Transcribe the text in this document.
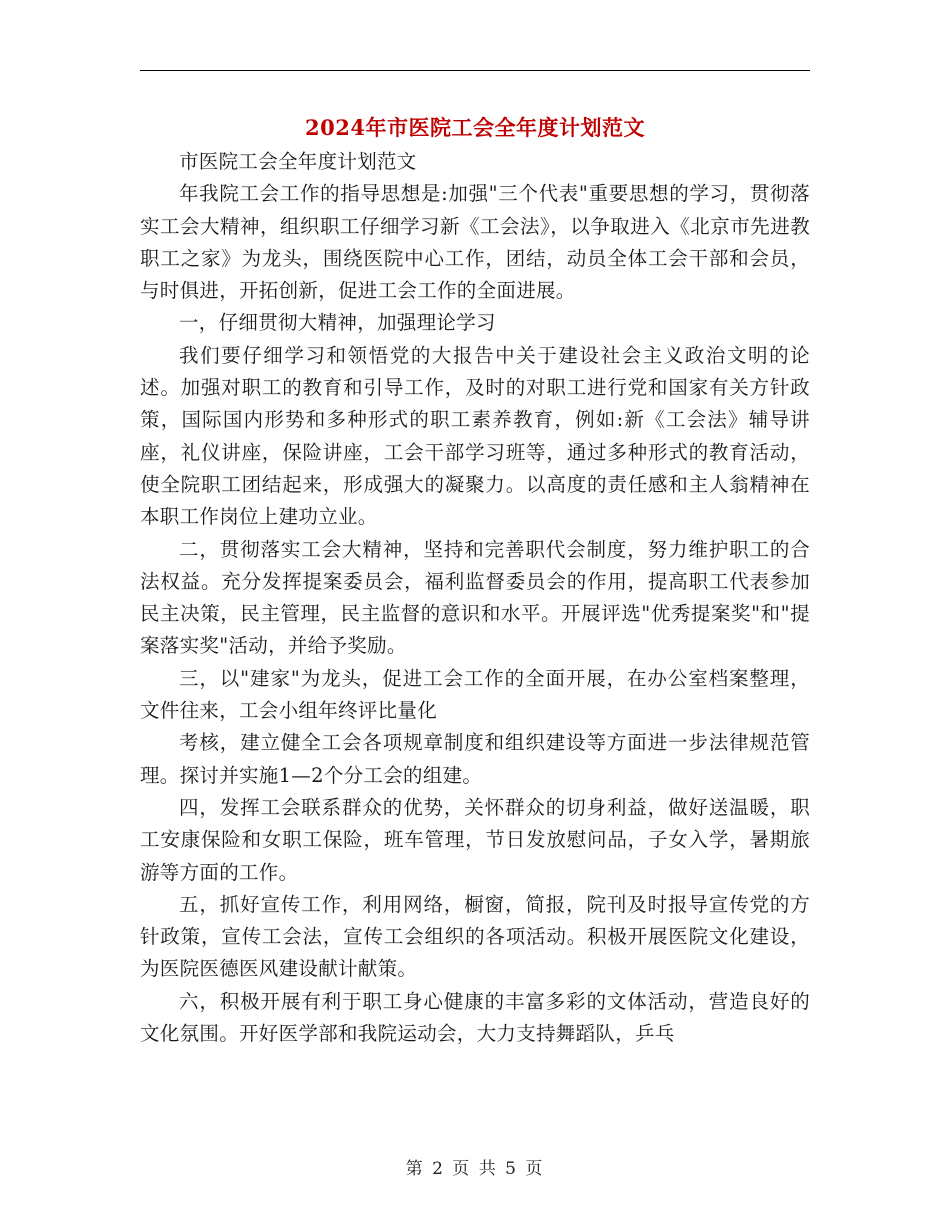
2024年市医院工会全年度计划范文

市医院工会全年度计划范文

年我院工会工作的指导思想是:加强"三个代表"重要思想的学习，贯彻落实工会大精神，组织职工仔细学习新《工会法》，以争取进入《北京市先进教职工之家》为龙头，围绕医院中心工作，团结，动员全体工会干部和会员，与时俱进，开拓创新，促进工会工作的全面进展。

一，仔细贯彻大精神，加强理论学习

我们要仔细学习和领悟党的大报告中关于建设社会主义政治文明的论述。加强对职工的教育和引导工作，及时的对职工进行党和国家有关方针政策，国际国内形势和多种形式的职工素养教育，例如:新《工会法》辅导讲座，礼仪讲座，保险讲座，工会干部学习班等，通过多种形式的教育活动，使全院职工团结起来，形成强大的凝聚力。以高度的责任感和主人翁精神在本职工作岗位上建功立业。

二，贯彻落实工会大精神，坚持和完善职代会制度，努力维护职工的合法权益。充分发挥提案委员会，福利监督委员会的作用，提高职工代表参加民主决策，民主管理，民主监督的意识和水平。开展评选"优秀提案奖"和"提案落实奖"活动，并给予奖励。

三，以"建家"为龙头，促进工会工作的全面开展，在办公室档案整理，文件往来，工会小组年终评比量化

考核，建立健全工会各项规章制度和组织建设等方面进一步法律规范管理。探讨并实施1—2个分工会的组建。

四，发挥工会联系群众的优势，关怀群众的切身利益，做好送温暖，职工安康保险和女职工保险，班车管理，节日发放慰问品，子女入学，暑期旅游等方面的工作。

五，抓好宣传工作，利用网络，橱窗，简报，院刊及时报导宣传党的方针政策，宣传工会法，宣传工会组织的各项活动。积极开展医院文化建设，为医院医德医风建设献计献策。

六，积极开展有利于职工身心健康的丰富多彩的文体活动，营造良好的文化氛围。开好医学部和我院运动会，大力支持舞蹈队，乒乓

第 2 页 共 5 页
